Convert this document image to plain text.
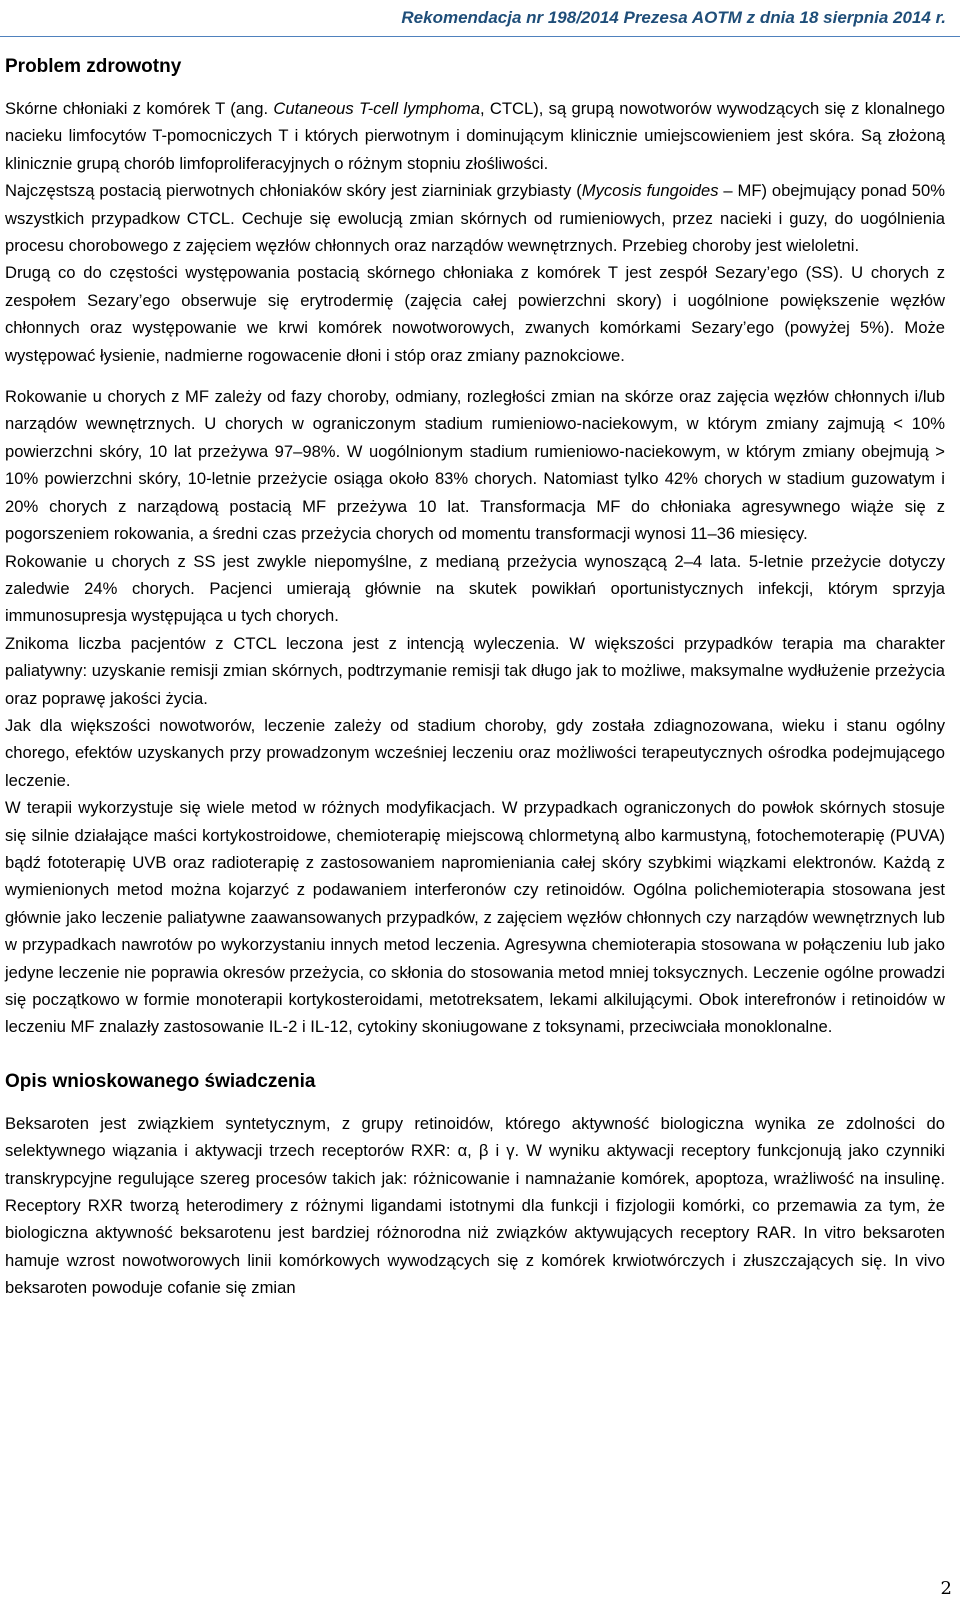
Rekomendacja nr 198/2014 Prezesa AOTM z dnia 18 sierpnia 2014 r.
Problem zdrowotny

Skórne chłoniaki z komórek T (ang. Cutaneous T-cell lymphoma, CTCL), są grupą nowotworów wywodzących się z klonalnego nacieku limfocytów T-pomocniczych T i których pierwotnym i dominującym klinicznie umiejscowieniem jest skóra. Są złożoną klinicznie grupą chorób limfoproliferacyjnych o różnym stopniu złośliwości.

Najczęstszą postacią pierwotnych chłoniaków skóry jest ziarniniak grzybiasty (Mycosis fungoides – MF) obejmujący ponad 50% wszystkich przypadkow CTCL. Cechuje się ewolucją zmian skórnych od rumieniowych, przez nacieki i guzy, do uogólnienia procesu chorobowego z zajęciem węzłów chłonnych oraz narządów wewnętrznych. Przebieg choroby jest wieloletni.

Drugą co do częstości występowania postacią skórnego chłoniaka z komórek T jest zespół Sezary’ego (SS). U chorych z zespołem Sezary’ego obserwuje się erytrodermię (zajęcia całej powierzchni skory) i uogólnione powiększenie węzłów chłonnych oraz występowanie we krwi komórek nowotworowych, zwanych komórkami Sezary’ego (powyżej 5%). Może występować łysienie, nadmierne rogowacenie dłoni i stóp oraz zmiany paznokciowe.

Rokowanie u chorych z MF zależy od fazy choroby, odmiany, rozległości zmian na skórze oraz zajęcia węzłów chłonnych i/lub narządów wewnętrznych. U chorych w ograniczonym stadium rumieniowo-naciekowym, w którym zmiany zajmują < 10% powierzchni skóry, 10 lat przeżywa 97–98%. W uogólnionym stadium rumieniowo-naciekowym, w którym zmiany obejmują > 10% powierzchni skóry, 10-letnie przeżycie osiąga około 83% chorych. Natomiast tylko 42% chorych w stadium guzowatym i 20% chorych z narządową postacią MF przeżywa 10 lat. Transformacja MF do chłoniaka agresywnego wiąże się z pogorszeniem rokowania, a średni czas przeżycia chorych od momentu transformacji wynosi 11–36 miesięcy.

Rokowanie u chorych z SS jest zwykle niepomyślne, z medianą przeżycia wynoszącą 2–4 lata. 5-letnie przeżycie dotyczy zaledwie 24% chorych. Pacjenci umierają głównie na skutek powikłań oportunistycznych infekcji, którym sprzyja immunosupresja występująca u tych chorych.

Znikoma liczba pacjentów z CTCL leczona jest z intencją wyleczenia. W większości przypadków terapia ma charakter paliatywny: uzyskanie remisji zmian skórnych, podtrzymanie remisji tak długo jak to możliwe, maksymalne wydłużenie przeżycia oraz poprawę jakości życia.

Jak dla większości nowotworów, leczenie zależy od stadium choroby, gdy została zdiagnozowana, wieku i stanu ogólny chorego, efektów uzyskanych przy prowadzonym wcześniej leczeniu oraz możliwości terapeutycznych ośrodka podejmującego leczenie.

W terapii wykorzystuje się wiele metod w różnych modyfikacjach. W przypadkach ograniczonych do powłok skórnych stosuje się silnie działające maści kortykostroidowe, chemioterapię miejscową chlormetyną albo karmustyną, fotochemoterapię (PUVA) bądź fototerapię UVB oraz radioterapię z zastosowaniem napromieniania całej skóry szybkimi wiązkami elektronów. Każdą z wymienionych metod można kojarzyć z podawaniem interferonów czy retinoidów. Ogólna polichemioterapia stosowana jest głównie jako leczenie paliatywne zaawansowanych przypadków, z zajęciem węzłów chłonnych czy narządów wewnętrznych lub w przypadkach nawrotów po wykorzystaniu innych metod leczenia. Agresywna chemioterapia stosowana w połączeniu lub jako jedyne leczenie nie poprawia okresów przeżycia, co skłonia do stosowania metod mniej toksycznych. Leczenie ogólne prowadzi się początkowo w formie monoterapii kortykosteroidami, metotreksatem, lekami alkilującymi. Obok interefronów i retinoidów w leczeniu MF znalazły zastosowanie IL-2 i IL-12, cytokiny skoniugowane z toksynami, przeciwciała monoklonalne.

Opis wnioskowanego świadczenia

Beksaroten jest związkiem syntetycznym, z grupy retinoidów, którego aktywność biologiczna wynika ze zdolności do selektywnego wiązania i aktywacji trzech receptorów RXR: α, β i γ. W wyniku aktywacji receptory funkcjonują jako czynniki transkrypcyjne regulujące szereg procesów takich jak: różnicowanie i namnażanie komórek, apoptoza, wrażliwość na insulinę. Receptory RXR tworzą heterodimery z różnymi ligandami istotnymi dla funkcji i fizjologii komórki, co przemawia za tym, że biologiczna aktywność beksarotenu jest bardziej różnorodna niż związków aktywujących receptory RAR. In vitro beksaroten hamuje wzrost nowotworowych linii komórkowych wywodzących się z komórek krwiotwórczych i złuszczających się. In vivo beksaroten powoduje cofanie się zmian

2
